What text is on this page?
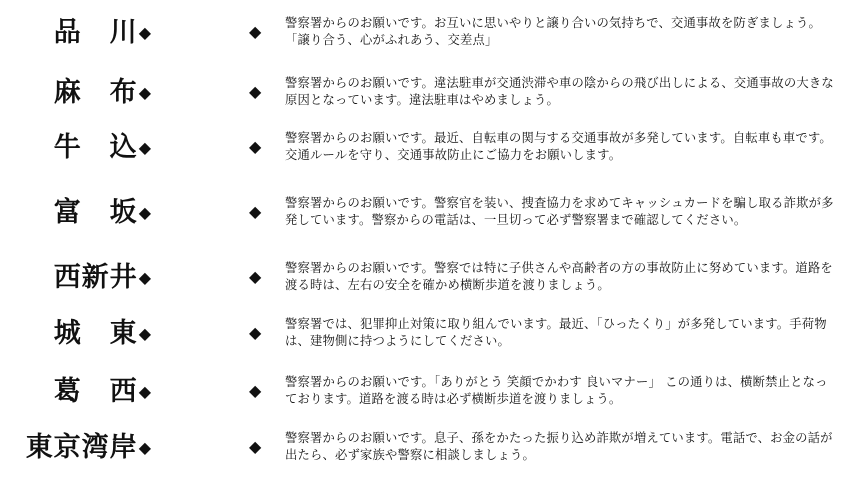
品　川◆	◆ 警察署からのお願いです。お互いに思いやりと譲り合いの気持ちで、交通事故を防ぎましょう。「譲り合う、心がふれあう、交差点」
麻　布◆	◆ 警察署からのお願いです。違法駐車が交通渋滞や車の陰からの飛び出しによる、交通事故の大きな原因となっています。違法駐車はやめましょう。
牛　込◆	◆ 警察署からのお願いです。最近、自転車の関与する交通事故が多発しています。自転車も車です。交通ルールを守り、交通事故防止にご協力をお願いします。
富　坂◆	◆ 警察署からのお願いです。警察官を装い、捜査協力を求めてキャッシュカードを騙し取る詐欺が多発しています。警察からの電話は、一旦切って必ず警察署まで確認してください。
西新井◆	◆ 警察署からのお願いです。警察では特に子供さんや高齢者の方の事故防止に努めています。道路を渡る時は、左右の安全を確かめ横断歩道を渡りましょう。
城　東◆	◆ 警察署では、犯罪抑止対策に取り組んでいます。最近、「ひったくり」が多発しています。手荷物は、建物側に持つようにしてください。
葛　西◆	◆ 警察署からのお願いです。「ありがとう 笑顔でかわす 良いマナー」 この通りは、横断禁止となっております。道路を渡る時は必ず横断歩道を渡りましょう。
東京湾岸◆	◆ 警察署からのお願いです。息子、孫をかたった振り込め詐欺が増えています。電話で、お金の話が出たら、必ず家族や警察に相談しましょう。
